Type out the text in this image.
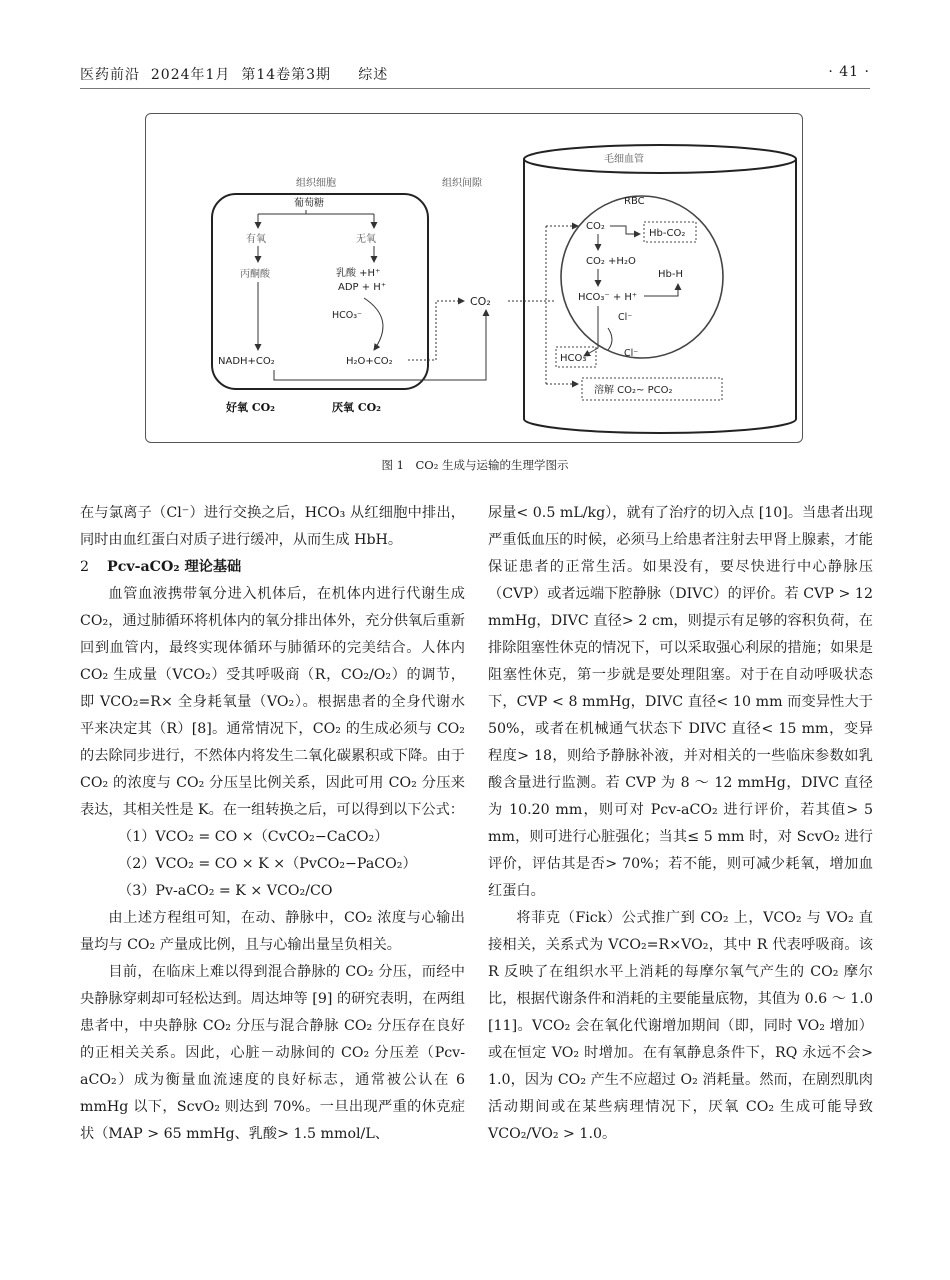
医药前沿  2024年1月  第14卷第3期     综述	· 41 ·
组织细胞	组织间隙
毛细血管
葡萄糖
有氧	无氧
丙酮酸	乳酸 +H⁺
ADP + H⁺
HCO₃⁻
NADH+CO₂	H₂O+CO₂
好氧 CO₂	厌氧 CO₂
CO₂
RBC
CO₂
Hb-CO₂
CO₂ +H₂O
Hb-H
HCO₃⁻ + H⁺
Cl⁻
Cl⁻
HCO₃⁻
溶解 CO₂~ PCO₂
图 1　CO₂ 生成与运输的生理学图示

在与氯离子（Cl⁻）进行交换之后，HCO₃ 从红细胞中排出，同时由血红蛋白对质子进行缓冲，从而生成 HbH。

2 Pcv-aCO₂ 理论基础

血管血液携带氧分进入机体后，在机体内进行代谢生成 CO₂，通过肺循环将机体内的氧分排出体外，充分供氧后重新回到血管内，最终实现体循环与肺循环的完美结合。人体内 CO₂ 生成量（VCO₂）受其呼吸商（R，CO₂/O₂）的调节，即 VCO₂=R× 全身耗氧量（VO₂）。根据患者的全身代谢水平来决定其（R）[8]。通常情况下，CO₂ 的生成必须与 CO₂ 的去除同步进行，不然体内将发生二氧化碳累积或下降。由于 CO₂ 的浓度与 CO₂ 分压呈比例关系，因此可用 CO₂ 分压来表达，其相关性是 K。在一组转换之后，可以得到以下公式：

（1）VCO₂ = CO ×（CvCO₂−CaCO₂）

（2）VCO₂ = CO × K ×（PvCO₂−PaCO₂）

（3）Pv-aCO₂ = K × VCO₂/CO

由上述方程组可知，在动、静脉中，CO₂ 浓度与心输出量均与 CO₂ 产量成比例，且与心输出量呈负相关。

目前，在临床上难以得到混合静脉的 CO₂ 分压，而经中央静脉穿刺却可轻松达到。周达坤等 [9] 的研究表明，在两组患者中，中央静脉 CO₂ 分压与混合静脉 CO₂ 分压存在良好的正相关关系。因此，心脏－动脉间的 CO₂ 分压差（Pcv-aCO₂）成为衡量血流速度的良好标志，通常被公认在 6 mmHg 以下，ScvO₂ 则达到 70%。一旦出现严重的休克症状（MAP > 65 mmHg、乳酸> 1.5 mmol/L、

尿量< 0.5 mL/kg），就有了治疗的切入点 [10]。当患者出现严重低血压的时候，必须马上给患者注射去甲肾上腺素，才能保证患者的正常生活。如果没有，要尽快进行中心静脉压（CVP）或者远端下腔静脉（DIVC）的评价。若 CVP > 12 mmHg，DIVC 直径> 2 cm，则提示有足够的容积负荷，在排除阻塞性休克的情况下，可以采取强心利尿的措施；如果是阻塞性休克，第一步就是要处理阻塞。对于在自动呼吸状态下，CVP < 8 mmHg，DIVC 直径< 10 mm 而变异性大于 50%，或者在机械通气状态下 DIVC 直径< 15 mm，变异程度> 18，则给予静脉补液，并对相关的一些临床参数如乳酸含量进行监测。若 CVP 为 8 ～ 12 mmHg，DIVC 直径为 10.20 mm，则可对 Pcv-aCO₂ 进行评价，若其值> 5 mm，则可进行心脏强化；当其≤ 5 mm 时，对 ScvO₂ 进行评价，评估其是否> 70%；若不能，则可减少耗氧，增加血红蛋白。

将菲克（Fick）公式推广到 CO₂ 上，VCO₂ 与 VO₂ 直接相关，关系式为 VCO₂=R×VO₂，其中 R 代表呼吸商。该 R 反映了在组织水平上消耗的每摩尔氧气产生的 CO₂ 摩尔比，根据代谢条件和消耗的主要能量底物，其值为 0.6 ～ 1.0 [11]。VCO₂ 会在氧化代谢增加期间（即，同时 VO₂ 增加）或在恒定 VO₂ 时增加。在有氧静息条件下，RQ 永远不会> 1.0，因为 CO₂ 产生不应超过 O₂ 消耗量。然而，在剧烈肌肉活动期间或在某些病理情况下，厌氧 CO₂ 生成可能导致 VCO₂/VO₂ > 1.0。
